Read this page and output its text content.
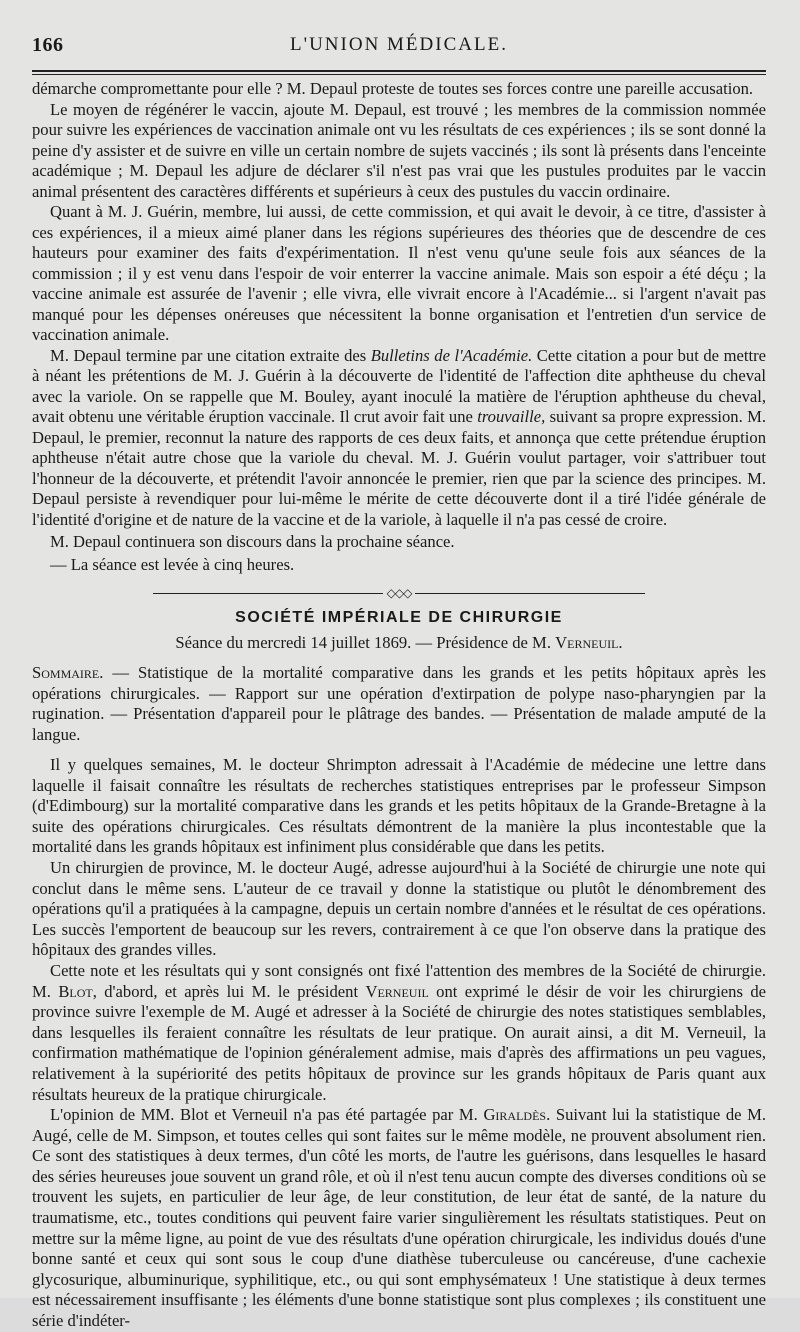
166	L'UNION MÉDICALE.

démarche compromettante pour elle ? M. Depaul proteste de toutes ses forces contre une pareille accusation.

Le moyen de régénérer le vaccin, ajoute M. Depaul, est trouvé ; les membres de la commission nommée pour suivre les expériences de vaccination animale ont vu les résultats de ces expériences ; ils se sont donné la peine d'y assister et de suivre en ville un certain nombre de sujets vaccinés ; ils sont là présents dans l'enceinte académique ; M. Depaul les adjure de déclarer s'il n'est pas vrai que les pustules produites par le vaccin animal présentent des caractères différents et supérieurs à ceux des pustules du vaccin ordinaire.

Quant à M. J. Guérin, membre, lui aussi, de cette commission, et qui avait le devoir, à ce titre, d'assister à ces expériences, il a mieux aimé planer dans les régions supérieures des théories que de descendre de ces hauteurs pour examiner des faits d'expérimentation. Il n'est venu qu'une seule fois aux séances de la commission ; il y est venu dans l'espoir de voir enterrer la vaccine animale. Mais son espoir a été déçu ; la vaccine animale est assurée de l'avenir ; elle vivra, elle vivrait encore à l'Académie... si l'argent n'avait pas manqué pour les dépenses onéreuses que nécessitent la bonne organisation et l'entretien d'un service de vaccination animale.

M. Depaul termine par une citation extraite des Bulletins de l'Académie. Cette citation a pour but de mettre à néant les prétentions de M. J. Guérin à la découverte de l'identité de l'affection dite aphtheuse du cheval avec la variole. On se rappelle que M. Bouley, ayant inoculé la matière de l'éruption aphtheuse du cheval, avait obtenu une véritable éruption vaccinale. Il crut avoir fait une trouvaille, suivant sa propre expression. M. Depaul, le premier, reconnut la nature des rapports de ces deux faits, et annonça que cette prétendue éruption aphtheuse n'était autre chose que la variole du cheval. M. J. Guérin voulut partager, voir s'attribuer tout l'honneur de la découverte, et prétendit l'avoir annoncée le premier, rien que par la science des principes. M. Depaul persiste à revendiquer pour lui-même le mérite de cette découverte dont il a tiré l'idée générale de l'identité d'origine et de nature de la vaccine et de la variole, à laquelle il n'a pas cessé de croire.

M. Depaul continuera son discours dans la prochaine séance.

— La séance est levée à cinq heures.

◇◇◇
SOCIÉTÉ IMPÉRIALE DE CHIRURGIE
Séance du mercredi 14 juillet 1869. — Présidence de M. Verneuil.

Sommaire. — Statistique de la mortalité comparative dans les grands et les petits hôpitaux après les opérations chirurgicales. — Rapport sur une opération d'extirpation de polype naso-pharyngien par la rugination. — Présentation d'appareil pour le plâtrage des bandes. — Présentation de malade amputé de la langue.

Il y quelques semaines, M. le docteur Shrimpton adressait à l'Académie de médecine une lettre dans laquelle il faisait connaître les résultats de recherches statistiques entreprises par le professeur Simpson (d'Edimbourg) sur la mortalité comparative dans les grands et les petits hôpitaux de la Grande-Bretagne à la suite des opérations chirurgicales. Ces résultats démontrent de la manière la plus incontestable que la mortalité dans les grands hôpitaux est infiniment plus considérable que dans les petits.

Un chirurgien de province, M. le docteur Augé, adresse aujourd'hui à la Société de chirurgie une note qui conclut dans le même sens. L'auteur de ce travail y donne la statistique ou plutôt le dénombrement des opérations qu'il a pratiquées à la campagne, depuis un certain nombre d'années et le résultat de ces opérations. Les succès l'emportent de beaucoup sur les revers, contrairement à ce que l'on observe dans la pratique des hôpitaux des grandes villes.

Cette note et les résultats qui y sont consignés ont fixé l'attention des membres de la Société de chirurgie. M. Blot, d'abord, et après lui M. le président Verneuil ont exprimé le désir de voir les chirurgiens de province suivre l'exemple de M. Augé et adresser à la Société de chirurgie des notes statistiques semblables, dans lesquelles ils feraient connaître les résultats de leur pratique. On aurait ainsi, a dit M. Verneuil, la confirmation mathématique de l'opinion généralement admise, mais d'après des affirmations un peu vagues, relativement à la supériorité des petits hôpitaux de province sur les grands hôpitaux de Paris quant aux résultats heureux de la pratique chirurgicale.

L'opinion de MM. Blot et Verneuil n'a pas été partagée par M. Giraldès. Suivant lui la statistique de M. Augé, celle de M. Simpson, et toutes celles qui sont faites sur le même modèle, ne prouvent absolument rien. Ce sont des statistiques à deux termes, d'un côté les morts, de l'autre les guérisons, dans lesquelles le hasard des séries heureuses joue souvent un grand rôle, et où il n'est tenu aucun compte des diverses conditions où se trouvent les sujets, en particulier de leur âge, de leur constitution, de leur état de santé, de la nature du traumatisme, etc., toutes conditions qui peuvent faire varier singulièrement les résultats statistiques. Peut on mettre sur la même ligne, au point de vue des résultats d'une opération chirurgicale, les individus doués d'une bonne santé et ceux qui sont sous le coup d'une diathèse tuberculeuse ou cancéreuse, d'une cachexie glycosurique, albuminurique, syphilitique, etc., ou qui sont emphysémateux ! Une statistique à deux termes est nécessairement insuffisante ; les éléments d'une bonne statistique sont plus complexes ; ils constituent une série d'indéter-
